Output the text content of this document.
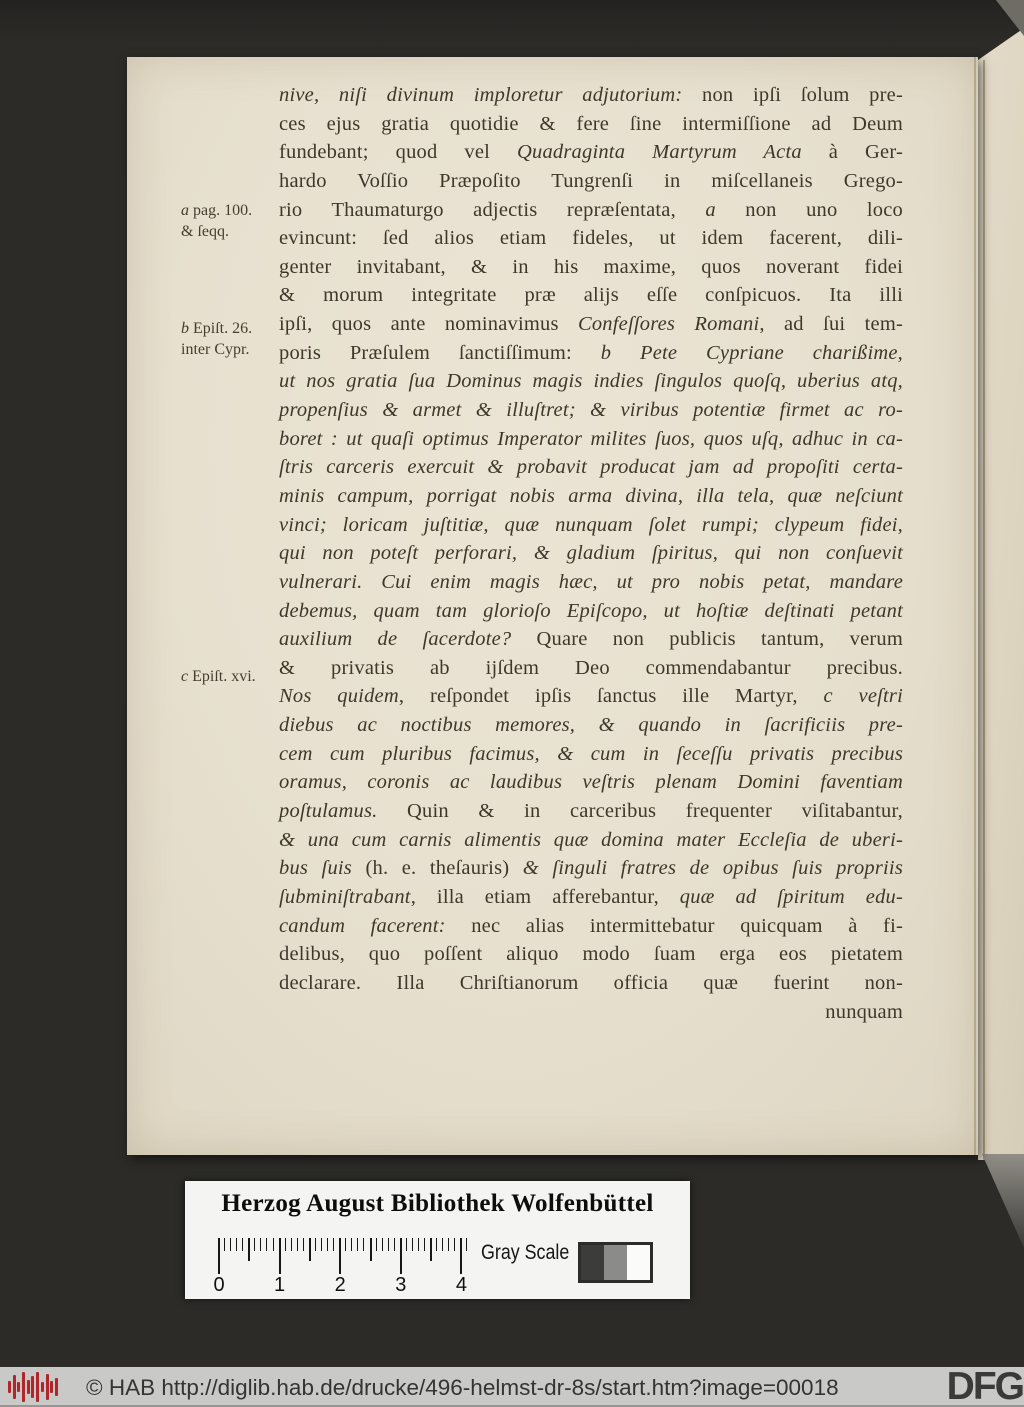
nive, niſi divinum imploretur adjutorium: non ipſi ſolum pre-
ces ejus gratia quotidie & fere ſine intermiſſione ad Deum
fundebant; quod vel Quadraginta Martyrum Acta à Ger-
hardo Voſſio Præpoſito Tungrenſi in miſcellaneis Grego-
rio Thaumaturgo adjectis repræſentata, a non uno loco
evincunt: ſed alios etiam fideles, ut idem facerent, dili-
genter invitabant, & in his maxime, quos noverant fidei
& morum integritate præ alijs eſſe conſpicuos. Ita illi
ipſi, quos ante nominavimus Confeſſores Romani, ad ſui tem-
poris Præſulem ſanctiſſimum: b Pete Cypriane charißime,
ut nos gratia ſua Dominus magis indies ſingulos quoſq, uberius atq,
propenſius & armet & illuſtret; & viribus potentiæ firmet ac ro-
boret : ut quaſi optimus Imperator milites ſuos, quos uſq, adhuc in ca-
ſtris carceris exercuit & probavit producat jam ad propoſiti certa-
minis campum, porrigat nobis arma divina, illa tela, quæ neſciunt
vinci; loricam juſtitiæ, quæ nunquam ſolet rumpi; clypeum fidei,
qui non poteſt perforari, & gladium ſpiritus, qui non conſuevit
vulnerari. Cui enim magis hæc, ut pro nobis petat, mandare
debemus, quam tam glorioſo Epiſcopo, ut hoſtiæ deſtinati petant
auxilium de ſacerdote? Quare non publicis tantum, verum
& privatis ab ijſdem Deo commendabantur precibus.
Nos quidem, reſpondet ipſis ſanctus ille Martyr, c veſtri
diebus ac noctibus memores, & quando in ſacrificiis pre-
cem cum pluribus facimus, & cum in ſeceſſu privatis precibus
oramus, coronis ac laudibus veſtris plenam Domini faventiam
poſtulamus. Quin & in carceribus frequenter viſitabantur,
& una cum carnis alimentis quæ domina mater Eccleſia de uberi-
bus ſuis (h. e. theſauris) & ſinguli fratres de opibus ſuis propriis
ſubminiſtrabant, illa etiam afferebantur, quæ ad ſpiritum edu-
candum facerent: nec alias intermittebatur quicquam à fi-
delibus, quo poſſent aliquo modo ſuam erga eos pietatem
declarare. Illa Chriſtianorum officia quæ fuerint non-
nunquam
a pag. 100.
& ſeqq.
b Epiſt. 26.
inter Cypr.
c Epiſt. xvi.
Herzog August Bibliothek Wolfenbüttel
0 1 2 3 4
Gray Scale
© HAB http://diglib.hab.de/drucke/496-helmst-dr-8s/start.htm?image=00018	DFG
